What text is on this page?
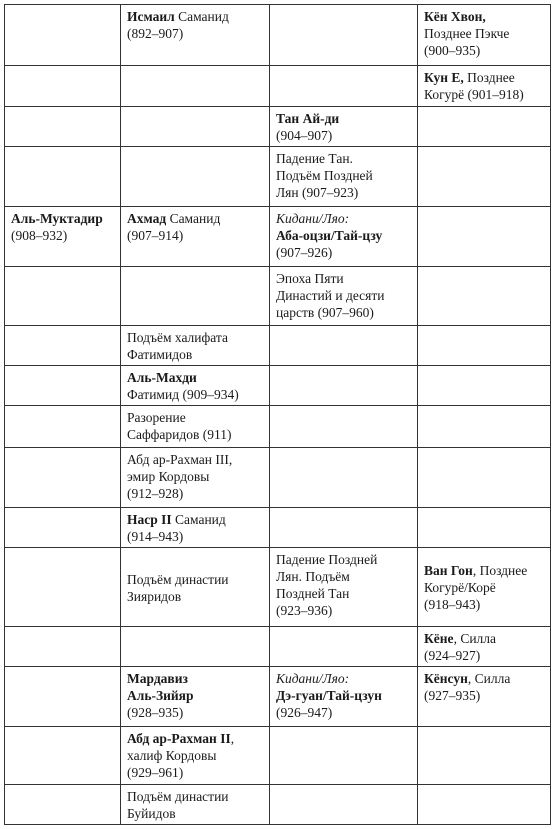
	Исмаил Саманид
(892–907)		Кён Хвон,
Позднее Пэкче
(900–935)

			Кун Е, Позднее
Когурё (901–918)

		Тан Ай-ди
(904–907)	

		Падение Тан.
Подъём Поздней
Лян (907–923)	

Аль-Муктадир
(908–932)	Ахмад Саманид
(907–914)	Кидани/Ляо:
Аба-оцзи/Тай-цзу
(907–926)	

		Эпоха Пяти
Династий и десяти
царств (907–960)	

	Подъём халифата
Фатимидов		

	Аль-Махди
Фатимид (909–934)		

	Разорение
Саффаридов (911)		

	Абд ар-Рахман III,
эмир Кордовы
(912–928)		

	Наср II Саманид
(914–943)		

	Подъём династии
Зияридов	Падение Поздней
Лян. Подъём
Поздней Тан
(923–936)	Ван Гон, Позднее
Когурё/Корё
(918–943)

			Кёне, Силла
(924–927)

	Мардавиз
Аль-Зийяр
(928–935)	Кидани/Ляо:
Дэ-гуан/Тай-цзун
(926–947)	Кёнсун, Силла
(927–935)

	Абд ар-Рахман II,
халиф Кордовы
(929–961)		

	Подъём династии
Буйидов		
